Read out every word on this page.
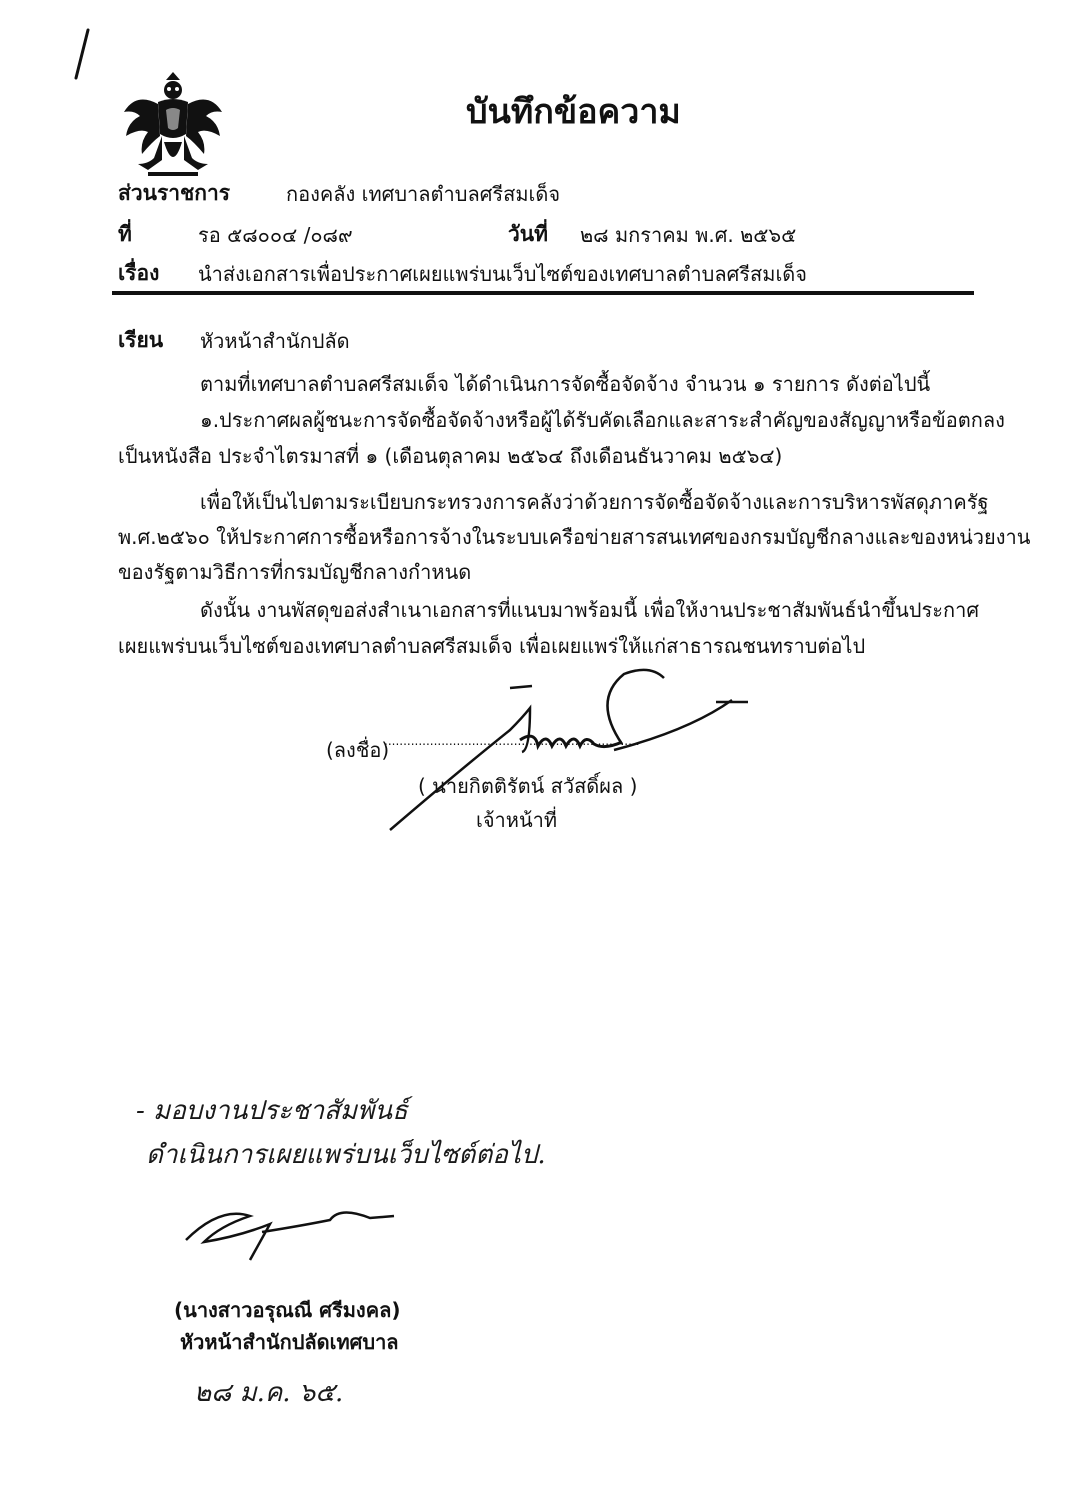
บันทึกข้อความ
ส่วนราชการ	กองคลัง เทศบาลตำบลศรีสมเด็จ
ที่	รอ ๕๘๐๐๔ /๐๘๙	วันที่ ๒๘ มกราคม พ.ศ. ๒๕๖๕
เรื่อง นำส่งเอกสารเพื่อประกาศเผยแพร่บนเว็บไซต์ของเทศบาลตำบลศรีสมเด็จ
เรียน หัวหน้าสำนักปลัด
ตามที่เทศบาลตำบลศรีสมเด็จ ได้ดำเนินการจัดซื้อจัดจ้าง จำนวน ๑ รายการ ดังต่อไปนี้
๑.ประกาศผลผู้ชนะการจัดซื้อจัดจ้างหรือผู้ได้รับคัดเลือกและสาระสำคัญของสัญญาหรือข้อตกลง
เป็นหนังสือ ประจำไตรมาสที่ ๑ (เดือนตุลาคม ๒๕๖๔ ถึงเดือนธันวาคม ๒๕๖๔)
เพื่อให้เป็นไปตามระเบียบกระทรวงการคลังว่าด้วยการจัดซื้อจัดจ้างและการบริหารพัสดุภาครัฐ
พ.ศ.๒๕๖๐ ให้ประกาศการซื้อหรือการจ้างในระบบเครือข่ายสารสนเทศของกรมบัญชีกลางและของหน่วยงาน
ของรัฐตามวิธีการที่กรมบัญชีกลางกำหนด
ดังนั้น งานพัสดุขอส่งสำเนาเอกสารที่แนบมาพร้อมนี้ เพื่อให้งานประชาสัมพันธ์นำขึ้นประกาศ
เผยแพร่บนเว็บไซต์ของเทศบาลตำบลศรีสมเด็จ เพื่อเผยแพร่ให้แก่สาธารณชนทราบต่อไป
(ลงชื่อ)
...................................................................
( นายกิตติรัตน์ สวัสดิ์ผล )
เจ้าหน้าที่
- มอบงานประชาสัมพันธ์
ดำเนินการเผยแพร่บนเว็บไซต์ต่อไป.
(นางสาวอรุณณี ศรีมงคล)
หัวหน้าสำนักปลัดเทศบาล
๒๘ ม.ค. ๖๕.
